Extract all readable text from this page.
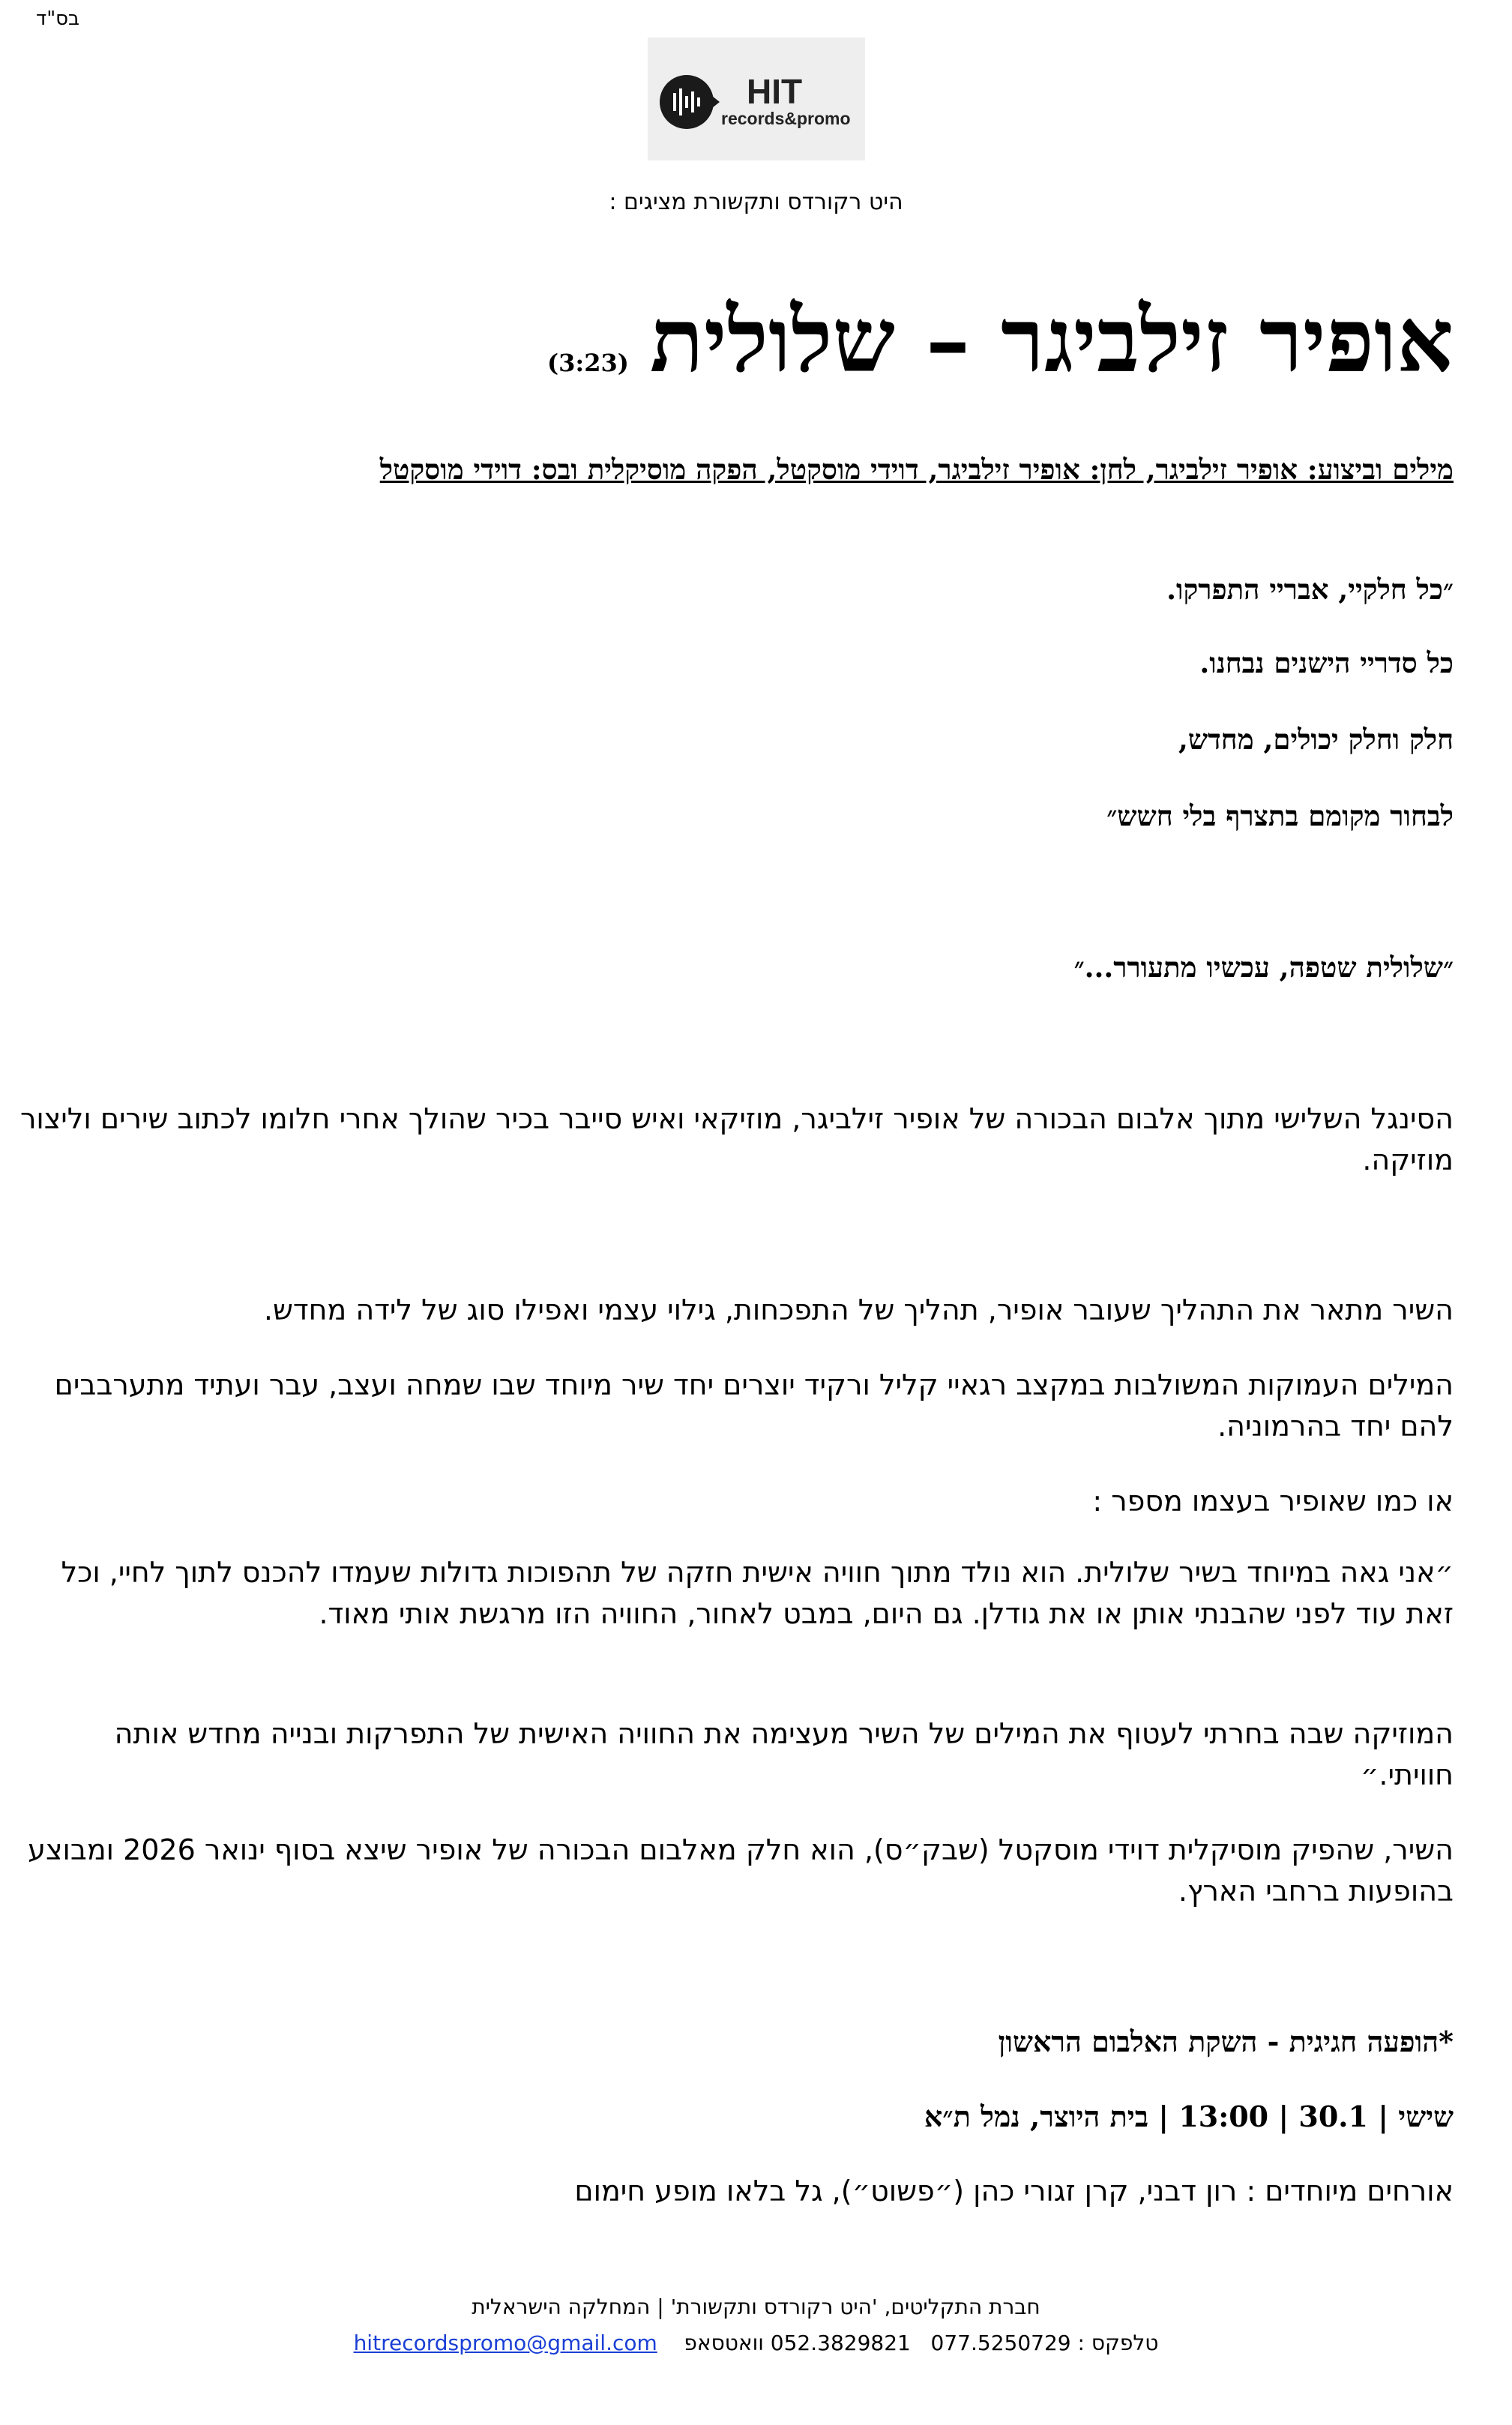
בס"ד
HIT
records&promo
היט רקורדס ותקשורת מציגים :
אופיר זילביגר – שלולית(3:23)
מילים וביצוע: אופיר זילביגר, לחן: אופיר זילביגר, דוידי מוסקטל, הפקה מוסיקלית ובס: דוידי מוסקטל
״כל חלקיי, אבריי התפרקו.
כל סדריי הישנים נבחנו.
חלק וחלק יכולים, מחדש,
לבחור מקומם בתצרף בלי חשש״
״שלולית שטפה, עכשיו מתעורר...״
הסינגל השלישי מתוך אלבום הבכורה של אופיר זילביגר, מוזיקאי ואיש סייבר בכיר שהולך אחרי חלומו לכתוב שירים וליצור מוזיקה.
השיר מתאר את התהליך שעובר אופיר, תהליך של התפכחות, גילוי עצמי ואפילו סוג של לידה מחדש.
המילים העמוקות המשולבות במקצב רגאיי קליל ורקיד יוצרים יחד שיר מיוחד שבו שמחה ועצב, עבר ועתיד מתערבבים להם יחד בהרמוניה.
או כמו שאופיר בעצמו מספר :
״אני גאה במיוחד בשיר שלולית. הוא נולד מתוך חוויה אישית חזקה של תהפוכות גדולות שעמדו להכנס לתוך לחיי, וכל זאת עוד לפני שהבנתי אותן או את גודלן. גם היום, במבט לאחור, החוויה הזו מרגשת אותי מאוד.
המוזיקה שבה בחרתי לעטוף את המילים של השיר מעצימה את החוויה האישית של התפרקות ובנייה מחדש אותה חוויתי.״
השיר, שהפיק מוסיקלית דוידי מוסקטל (שבק״ס), הוא חלק מאלבום הבכורה של אופיר שיצא בסוף ינואר 2026 ומבוצע בהופעות ברחבי הארץ.
*הופעה חגיגית - השקת האלבום הראשון
שישי | 30.1 | 13:00 | בית היוצר, נמל ת״א
אורחים מיוחדים : רון דבני, קרן זגורי כהן (״פשוט״), גל בלאו מופע חימום
חברת התקליטים, 'היט רקורדס ותקשורת' | המחלקה הישראלית
טלפקס : 077.5250729   052.3829821 וואטסאפ    hitrecordspromo@gmail.com
